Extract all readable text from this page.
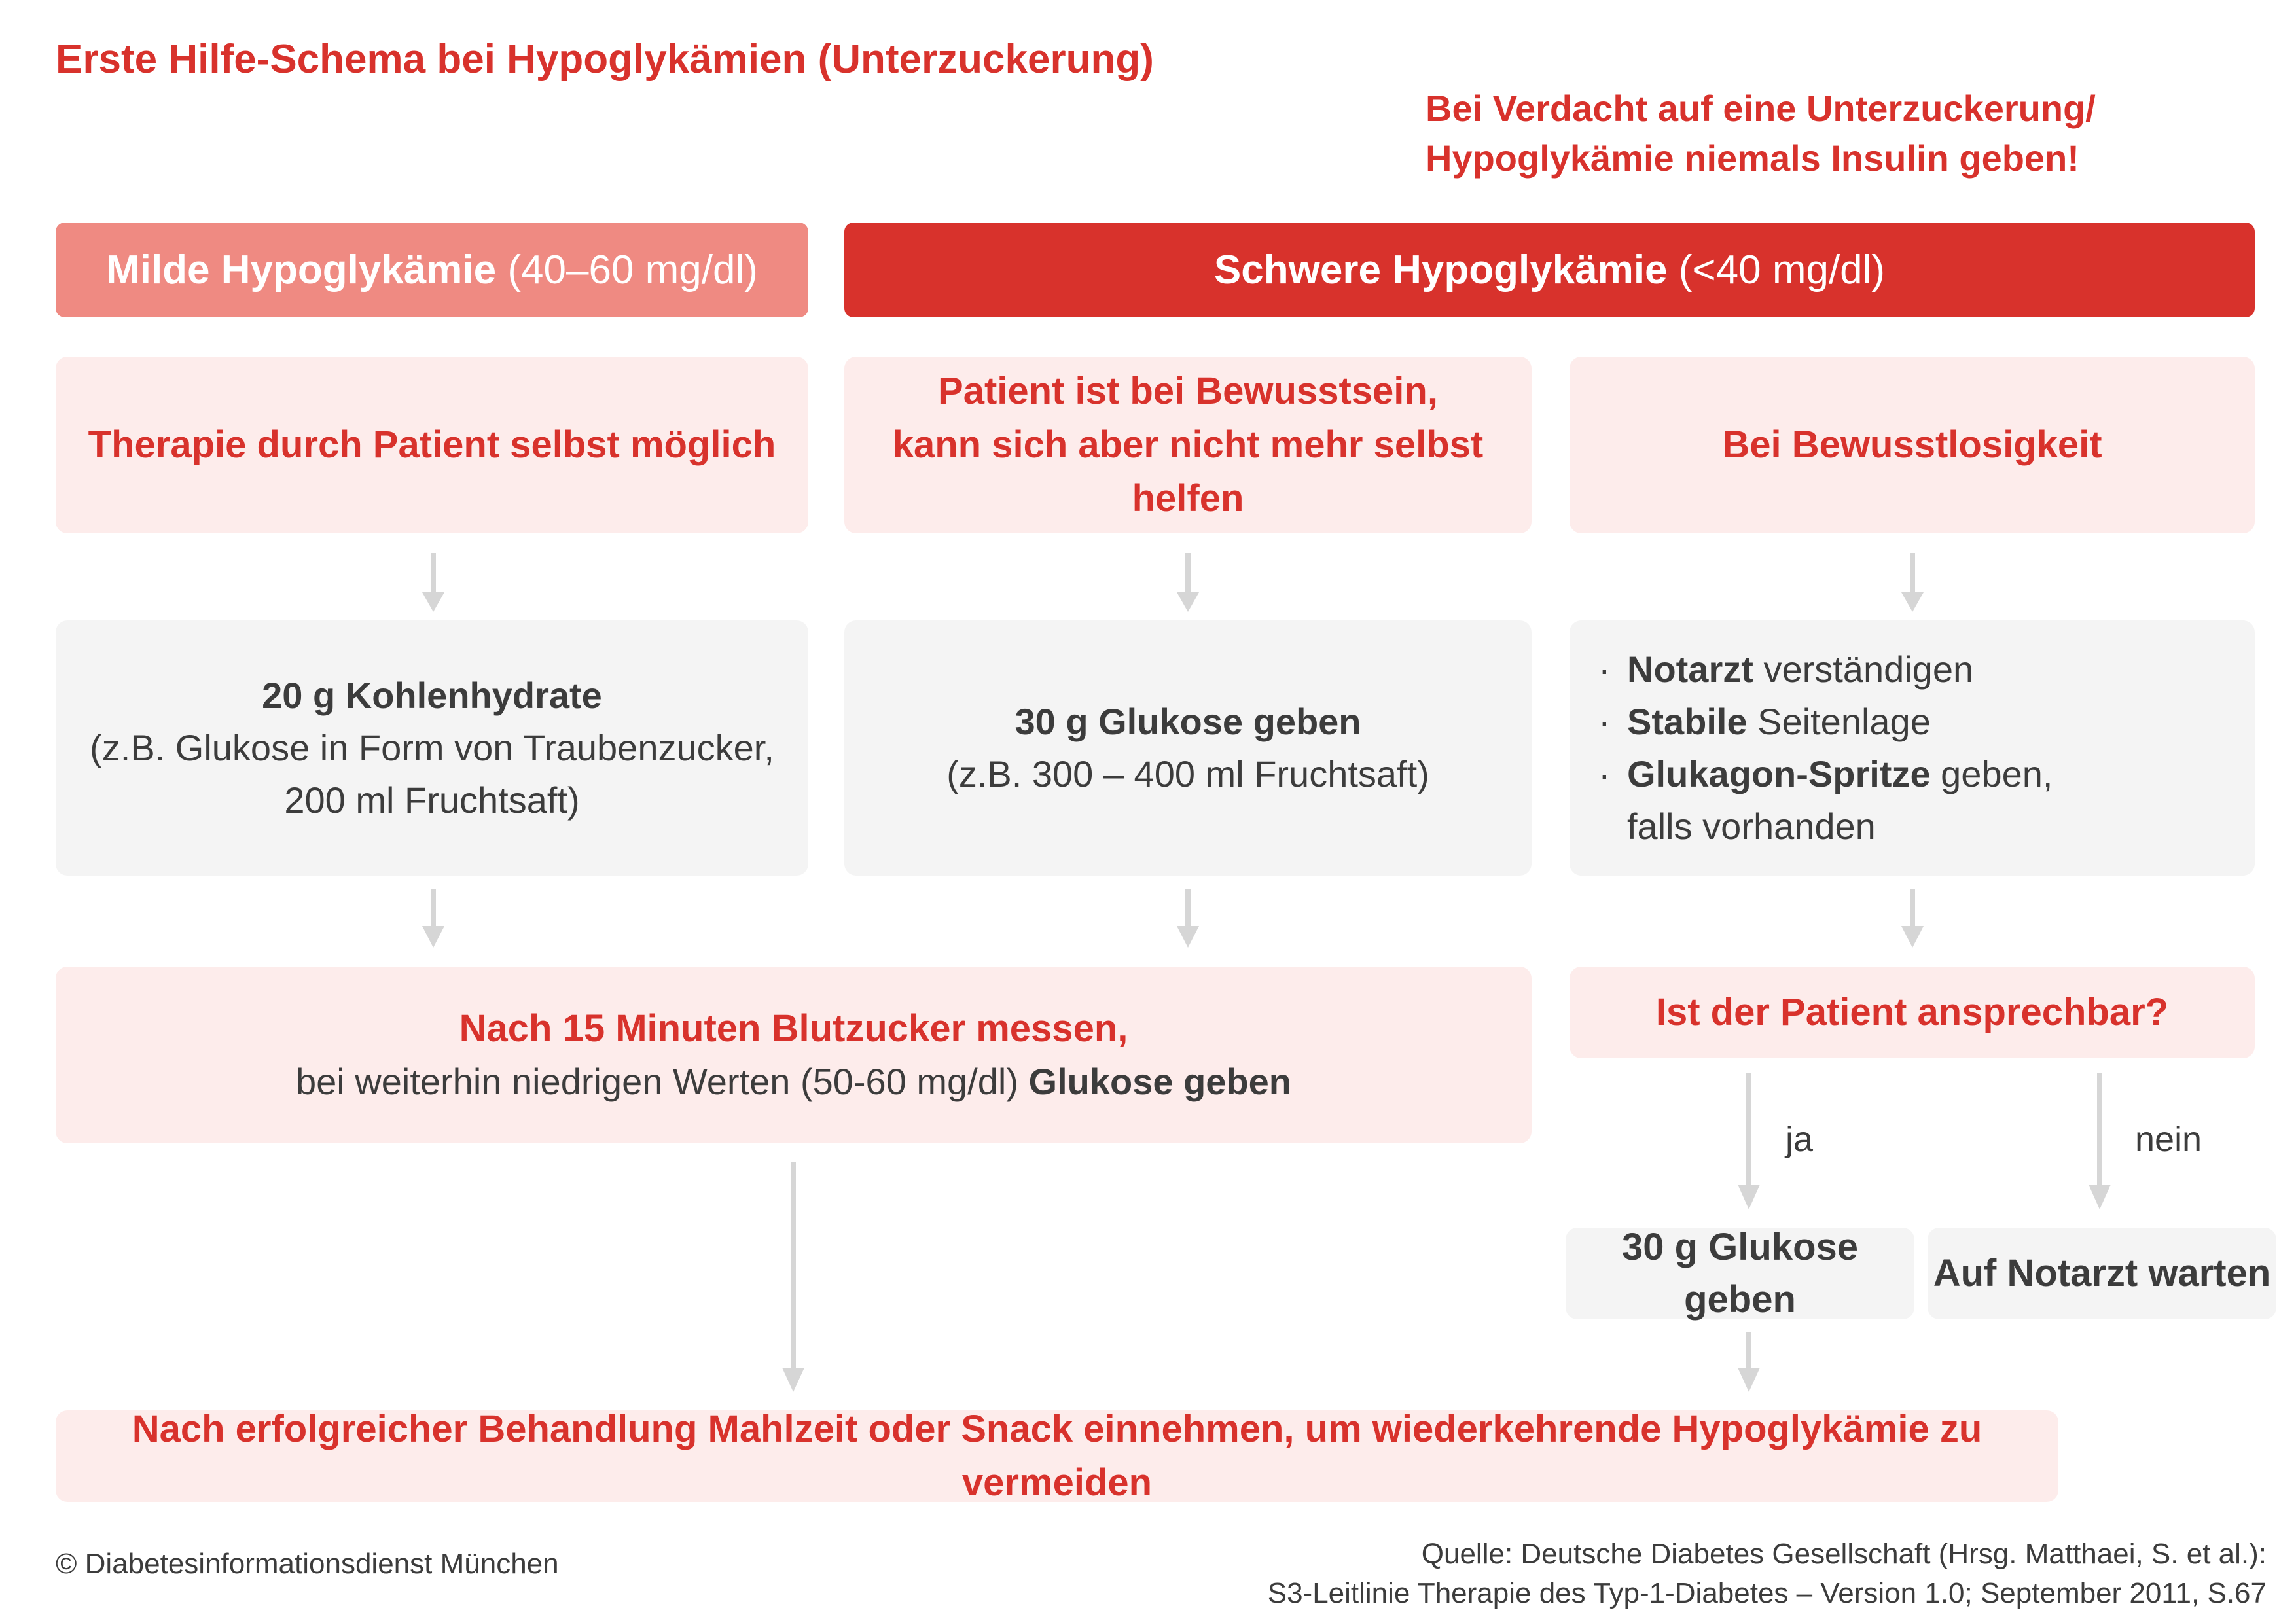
Erste Hilfe-Schema bei Hypoglykämien (Unterzuckerung)
Bei Verdacht auf eine Unterzuckerung/
Hypoglykämie niemals Insulin geben!
Milde Hypoglykämie
(40–60 mg/dl)	Schwere Hypoglykämie
(<40 mg/dl)
Therapie durch Patient selbst möglich
Patient ist bei Bewusstsein,
kann sich aber nicht mehr selbst helfen
Bei Bewusstlosigkeit
20 g Kohlenhydrate
(z.B. Glukose in Form von Traubenzucker,
200 ml Fruchtsaft)
30 g Glukose geben
(z.B. 300 – 400 ml Fruchtsaft)
· Notarzt verständigen
· Stabile Seitenlage
· Glukagon-Spritze geben,
falls vorhanden
Nach 15 Minuten Blutzucker messen,
bei weiterhin niedrigen Werten (50-60 mg/dl) Glukose geben
Ist der Patient ansprechbar?
ja	nein
30 g Glukose geben
Auf Notarzt warten
Nach erfolgreicher Behandlung Mahlzeit oder Snack einnehmen, um wiederkehrende Hypoglykämie zu vermeiden
© Diabetesinformationsdienst München	Quelle: Deutsche Diabetes Gesellschaft (Hrsg. Matthaei, S. et al.):
S3-Leitlinie Therapie des Typ-1-Diabetes – Version 1.0; September 2011, S.67
